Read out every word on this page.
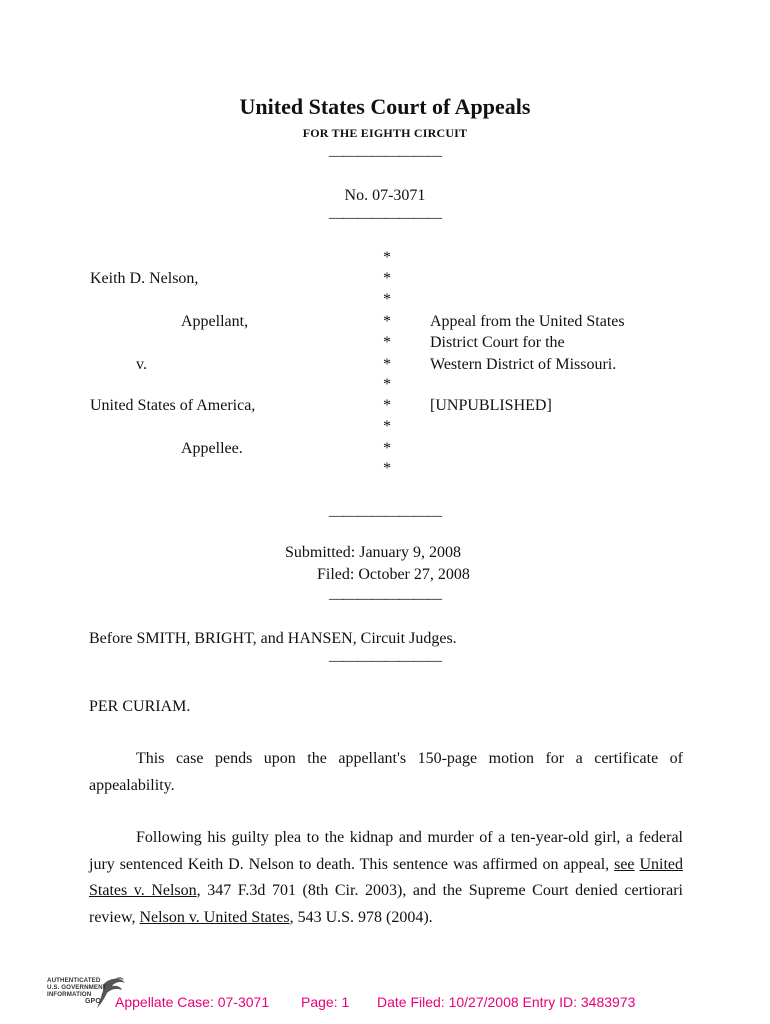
United States Court of Appeals
FOR THE EIGHTH CIRCUIT
————————
No. 07-3071
————————
Keith D. Nelson,
Appellant,
v.
United States of America,
Appellee.
*
*
*
*
*
*
*
*
*
*
*
Appeal from the United States
District Court for the
Western District of Missouri.
[UNPUBLISHED]
————————
Submitted: January 9, 2008
Filed: October 27, 2008
————————
Before SMITH, BRIGHT, and HANSEN, Circuit Judges.
————————
PER CURIAM.

This case pends upon the appellant's 150-page motion for a certificate of appealability.

Following his guilty plea to the kidnap and murder of a ten-year-old girl, a federal jury sentenced Keith D. Nelson to death. This sentence was affirmed on appeal, see United States v. Nelson, 347 F.3d 701 (8th Cir. 2003), and the Supreme Court denied certiorari review, Nelson v. United States, 543 U.S. 978 (2004).

AUTHENTICATED
U.S. GOVERNMENT
INFORMATION
GPO	Appellate Case: 07-3071 Page: 1 Date Filed: 10/27/2008 Entry ID: 3483973
